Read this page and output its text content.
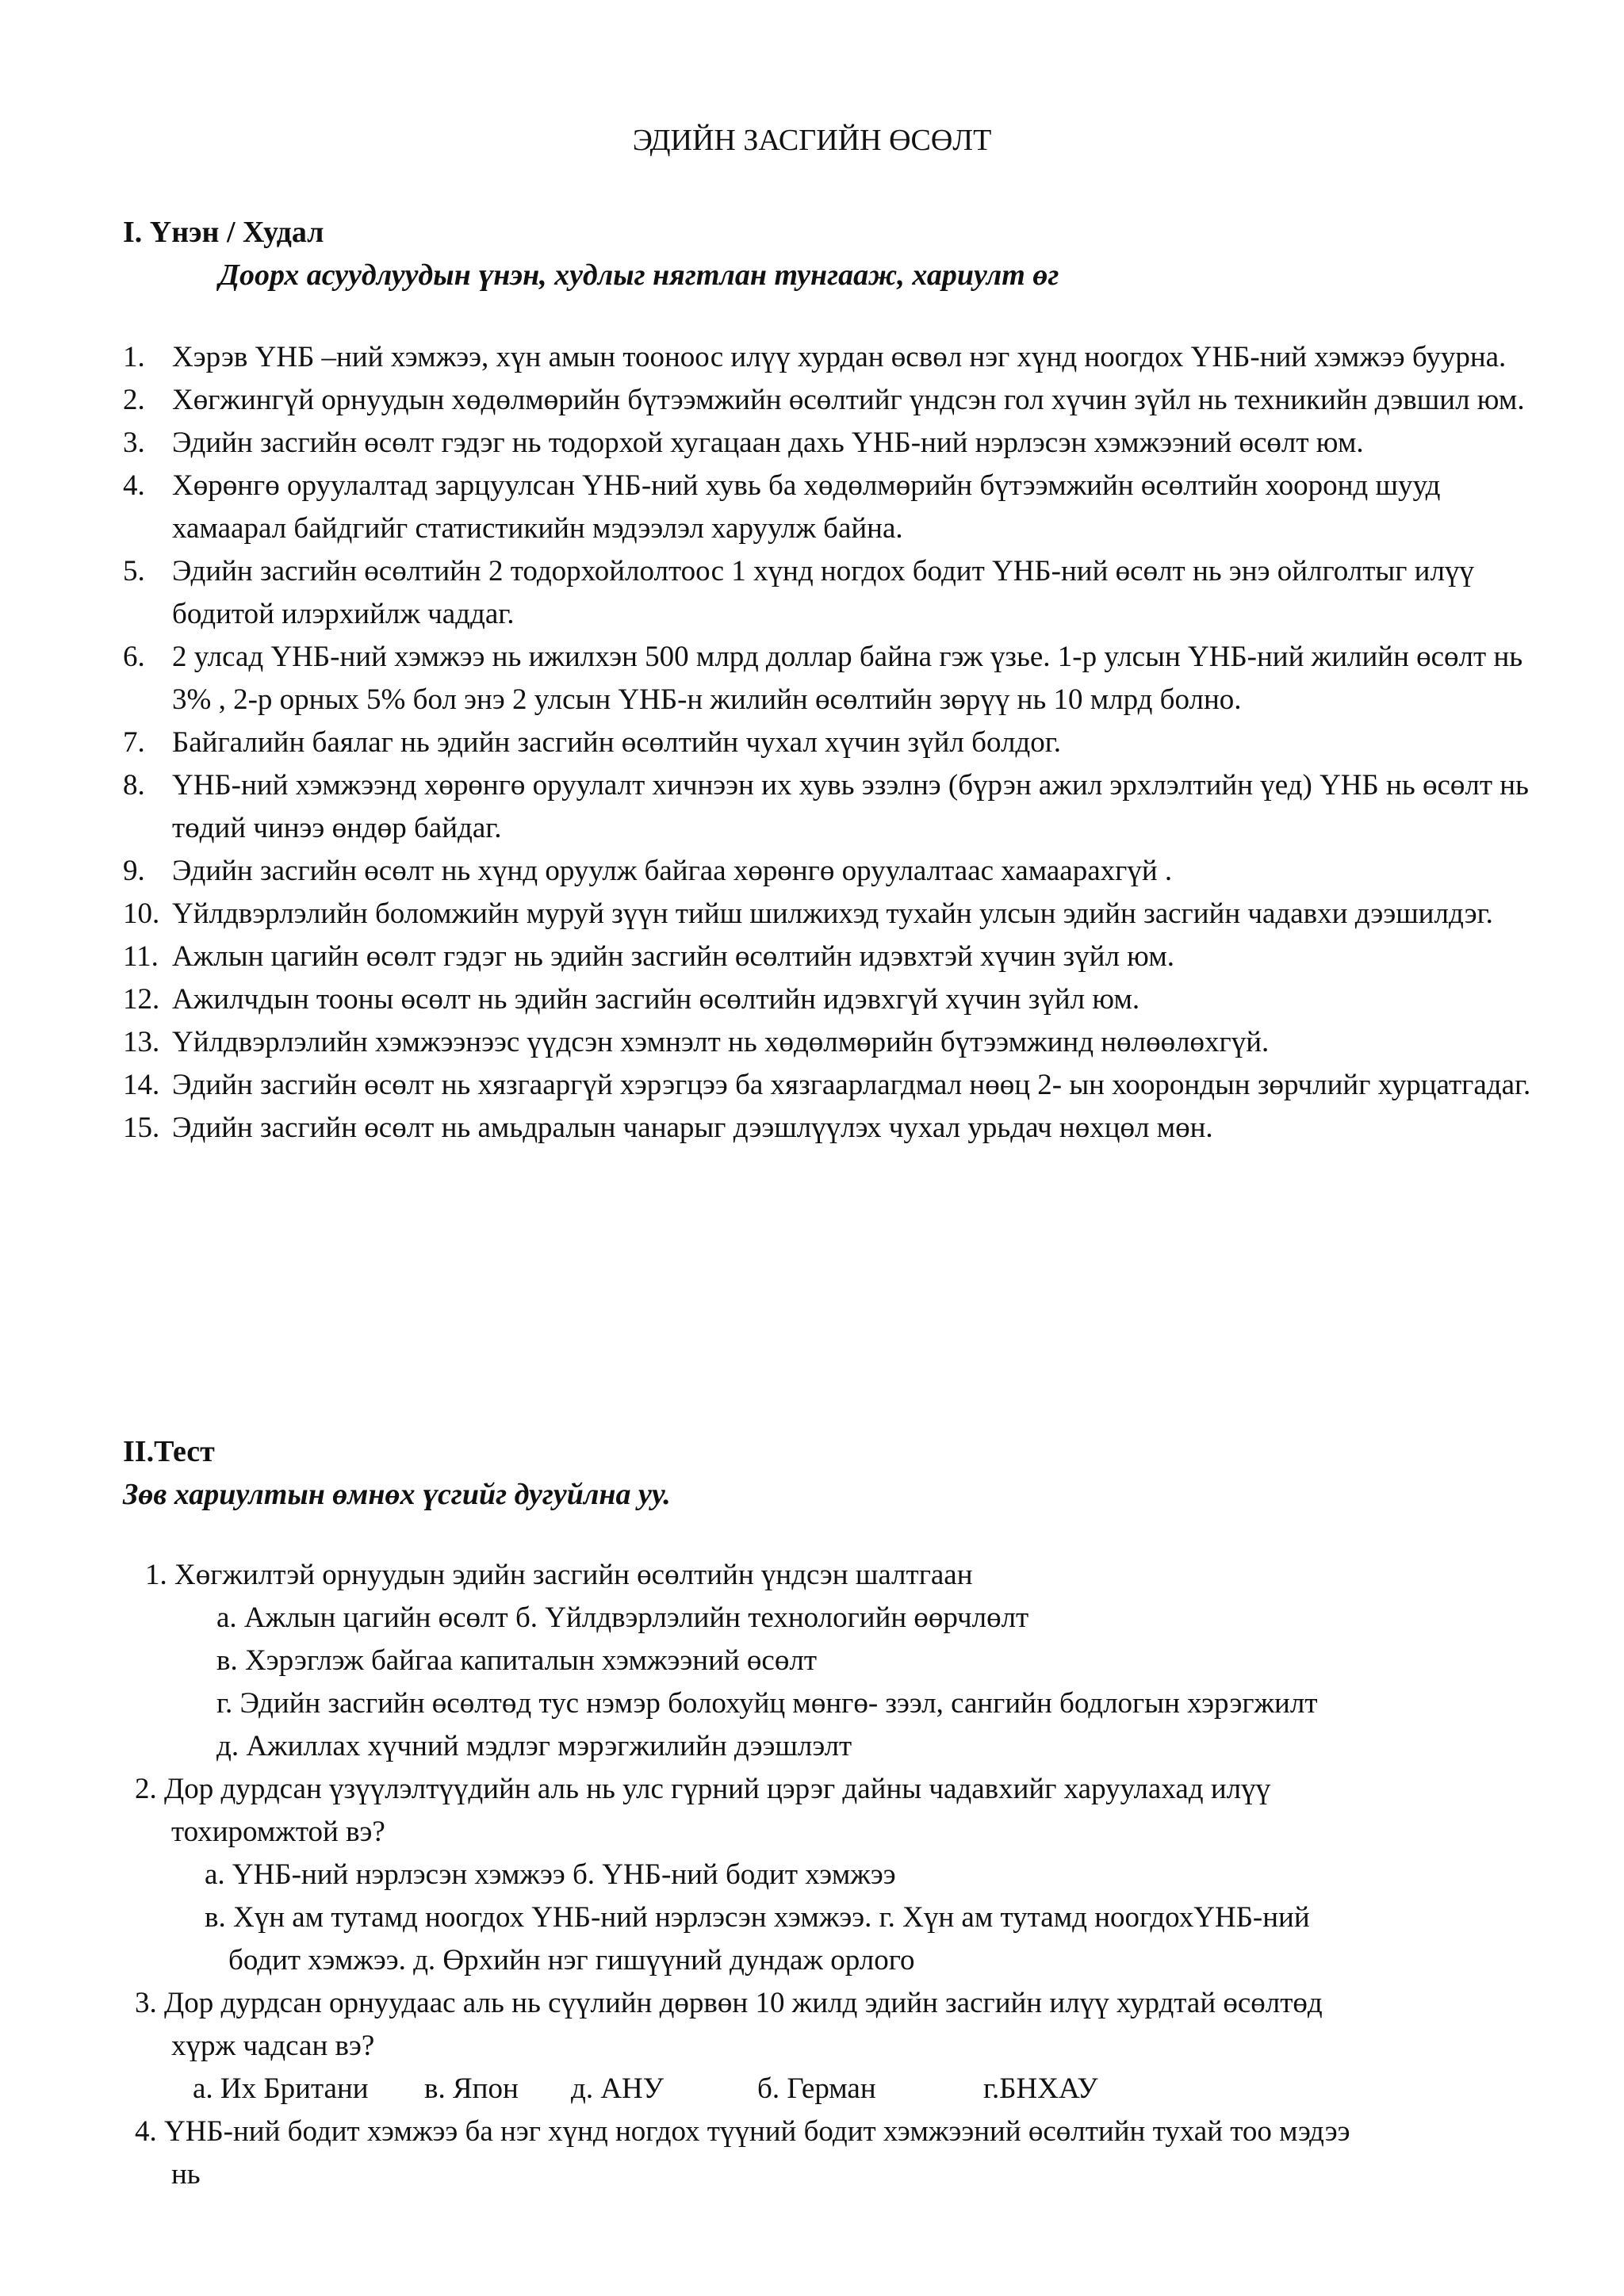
ЭДИЙН ЗАСГИЙН ӨСӨЛТ
I. Үнэн / Худал
Доорх асуудлуудын үнэн, худлыг нягтлан тунгааж, хариулт өг
1. Хэрэв ҮНБ –ний хэмжээ, хүн амын тооноос илүү хурдан өсвөл нэг хүнд ноогдох ҮНБ-ний хэмжээ буурна.
2. Хөгжингүй орнуудын хөдөлмөрийн бүтээмжийн өсөлтийг үндсэн гол хүчин зүйл нь техникийн дэвшил юм.
3. Эдийн засгийн өсөлт гэдэг нь тодорхой хугацаан дахь ҮНБ-ний нэрлэсэн хэмжээний өсөлт юм.
4. Хөрөнгө оруулалтад зарцуулсан ҮНБ-ний хувь ба хөдөлмөрийн бүтээмжийн өсөлтийн хооронд шууд хамаарал байдгийг статистикийн мэдээлэл харуулж байна.
5. Эдийн засгийн өсөлтийн 2 тодорхойлолтоос 1 хүнд ногдох бодит ҮНБ-ний өсөлт нь энэ ойлголтыг илүү бодитой илэрхийлж чаддаг.
6. 2 улсад ҮНБ-ний хэмжээ нь ижилхэн 500 млрд доллар байна гэж үзье. 1-р улсын ҮНБ-ний жилийн өсөлт нь 3% , 2-р орных 5% бол энэ 2 улсын ҮНБ-н жилийн өсөлтийн зөрүү нь 10 млрд болно.
7. Байгалийн баялаг нь эдийн засгийн өсөлтийн чухал хүчин зүйл болдог.
8. ҮНБ-ний хэмжээнд хөрөнгө оруулалт хичнээн их хувь эзэлнэ (бүрэн ажил эрхлэлтийн үед) ҮНБ нь өсөлт нь төдий чинээ өндөр байдаг.
9. Эдийн засгийн өсөлт нь хүнд оруулж байгаа хөрөнгө оруулалтаас хамаарахгүй .
10. Үйлдвэрлэлийн боломжийн муруй зүүн тийш шилжихэд тухайн улсын эдийн засгийн чадавхи дээшилдэг.
11. Ажлын цагийн өсөлт гэдэг нь эдийн засгийн өсөлтийн идэвхтэй хүчин зүйл юм.
12. Ажилчдын тооны өсөлт нь эдийн засгийн өсөлтийн идэвхгүй хүчин зүйл юм.
13. Үйлдвэрлэлийн хэмжээнээс үүдсэн хэмнэлт нь хөдөлмөрийн бүтээмжинд нөлөөлөхгүй.
14. Эдийн засгийн өсөлт нь хязгааргүй хэрэгцээ ба хязгаарлагдмал нөөц 2- ын хоорондын зөрчлийг хурцатгадаг.
15. Эдийн засгийн өсөлт нь амьдралын чанарыг дээшлүүлэх чухал урьдач нөхцөл мөн.
II.Тест
Зөв хариултын өмнөх үсгийг дугуйлна уу.
1. Хөгжилтэй орнуудын эдийн засгийн өсөлтийн үндсэн шалтгаан
а. Ажлын цагийн өсөлт б. Үйлдвэрлэлийн технологийн өөрчлөлт
в. Хэрэглэж байгаа капиталын хэмжээний өсөлт
г. Эдийн засгийн өсөлтөд тус нэмэр болохуйц мөнгө- зээл, сангийн бодлогын хэрэгжилт
д. Ажиллах хүчний мэдлэг мэрэгжилийн дээшлэлт
2. Дор дурдсан үзүүлэлтүүдийн аль нь улс гүрний цэрэг дайны чадавхийг харуулахад илүү
тохиромжтой вэ?
а. ҮНБ-ний нэрлэсэн хэмжээ б. ҮНБ-ний бодит хэмжээ
в. Хүн ам тутамд ноогдох ҮНБ-ний нэрлэсэн хэмжээ. г. Хүн ам тутамд ноогдохҮНБ-ний
бодит хэмжээ. д. Өрхийн нэг гишүүний дундаж орлого
3. Дор дурдсан орнуудаас аль нь сүүлийн дөрвөн 10 жилд эдийн засгийн илүү хурдтай өсөлтөд
хүрж чадсан вэ?
а. Их Британи в. Япон д. АНУ	б. Герман	г.БНХАУ
4. ҮНБ-ний бодит хэмжээ ба нэг хүнд ногдох түүний бодит хэмжээний өсөлтийн тухай тоо мэдээ
нь
